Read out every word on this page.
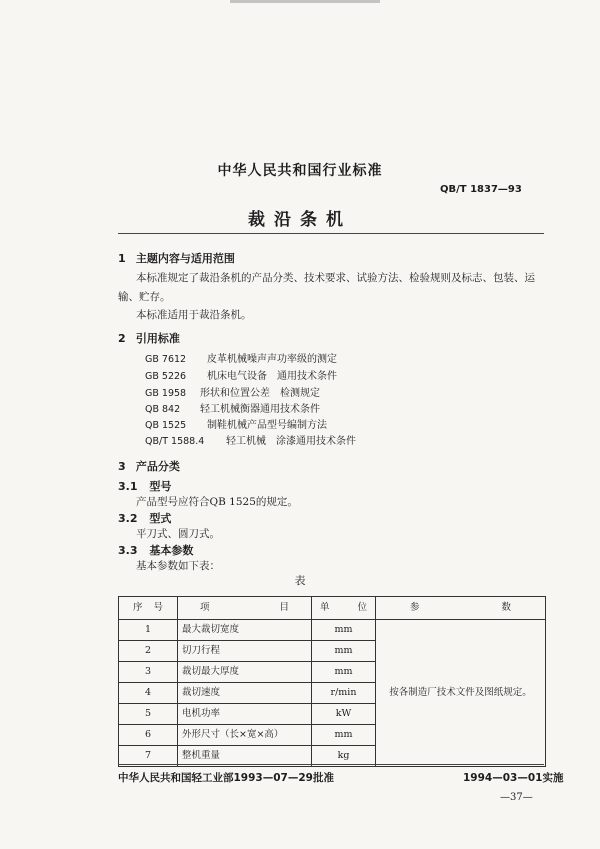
中华人民共和国行业标准
QB/T 1837—93
裁沿条机
1 主题内容与适用范围
本标准规定了裁沿条机的产品分类、技术要求、试验方法、检验规则及标志、包装、运
输、贮存。
本标准适用于裁沿条机。
2 引用标准
GB 7612 皮革机械噪声声功率级的测定
GB 5226 机床电气设备　通用技术条件
GB 1958 形状和位置公差　检测规定
QB 842 轻工机械衡器通用技术条件
QB 1525 制鞋机械产品型号编制方法
QB/T 1588.4 轻工机械　涂漆通用技术条件
3 产品分类
3.1 型号
产品型号应符合QB 1525的规定。
3.2 型式
平刀式、圆刀式。
3.3 基本参数
基本参数如下表：
表
序 号	项 目	单 位	参 数

1	最大裁切宽度	mm	按各制造厂技术文件及图纸规定。
2	切刀行程	mm	
3	裁切最大厚度	mm	
4	裁切速度	r/min	
5	电机功率	kW	
6	外形尺寸（长×宽×高）	mm	
7	整机重量	kg	
中华人民共和国轻工业部1993—07—29批准	1994—03—01实施
—37—
